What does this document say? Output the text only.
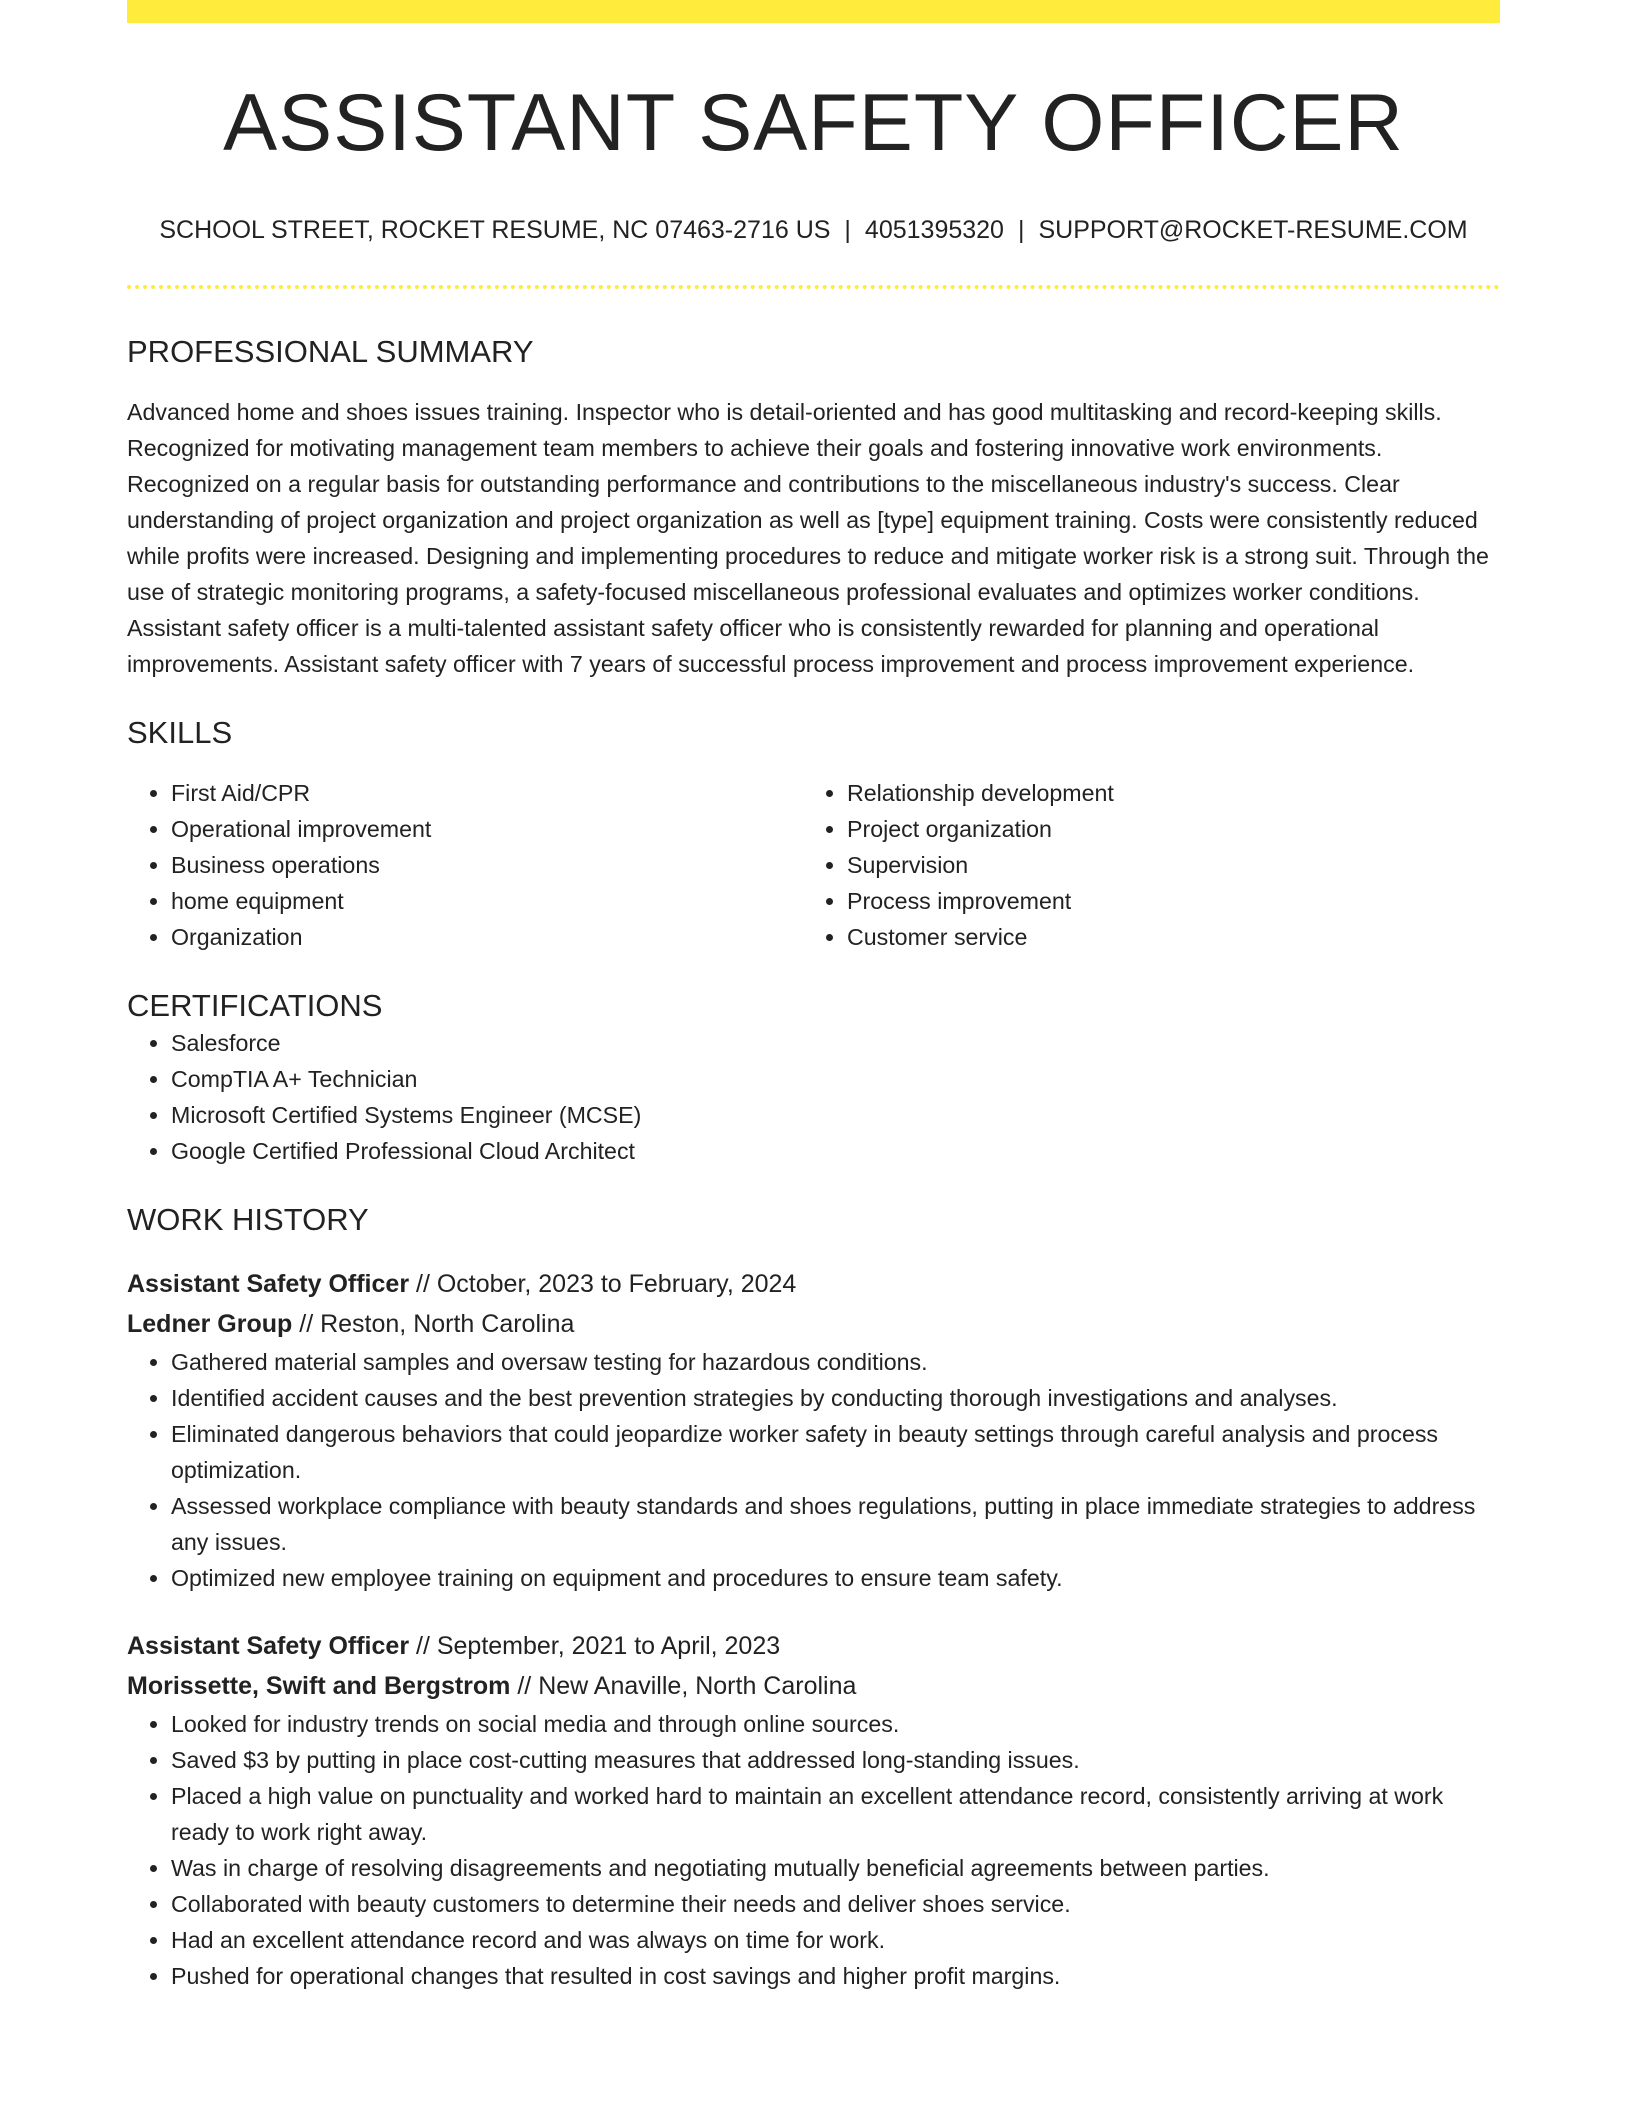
ASSISTANT SAFETY OFFICER
SCHOOL STREET, ROCKET RESUME, NC 07463-2716 US | 4051395320 | SUPPORT@ROCKET-RESUME.COM
PROFESSIONAL SUMMARY
Advanced home and shoes issues training. Inspector who is detail-oriented and has good multitasking and record-keeping skills. Recognized for motivating management team members to achieve their goals and fostering innovative work environments. Recognized on a regular basis for outstanding performance and contributions to the miscellaneous industry's success. Clear understanding of project organization and project organization as well as [type] equipment training. Costs were consistently reduced while profits were increased. Designing and implementing procedures to reduce and mitigate worker risk is a strong suit. Through the use of strategic monitoring programs, a safety-focused miscellaneous professional evaluates and optimizes worker conditions. Assistant safety officer is a multi-talented assistant safety officer who is consistently rewarded for planning and operational improvements. Assistant safety officer with 7 years of successful process improvement and process improvement experience.
SKILLS
• First Aid/CPR
• Operational improvement
• Business operations
• home equipment
• Organization
• Relationship development
• Project organization
• Supervision
• Process improvement
• Customer service
CERTIFICATIONS
• Salesforce
• CompTIA A+ Technician
• Microsoft Certified Systems Engineer (MCSE)
• Google Certified Professional Cloud Architect
WORK HISTORY
Assistant Safety Officer // October, 2023 to February, 2024
Ledner Group // Reston, North Carolina
• Gathered material samples and oversaw testing for hazardous conditions.
• Identified accident causes and the best prevention strategies by conducting thorough investigations and analyses.
• Eliminated dangerous behaviors that could jeopardize worker safety in beauty settings through careful analysis and process optimization.
• Assessed workplace compliance with beauty standards and shoes regulations, putting in place immediate strategies to address any issues.
• Optimized new employee training on equipment and procedures to ensure team safety.
Assistant Safety Officer // September, 2021 to April, 2023
Morissette, Swift and Bergstrom // New Anaville, North Carolina
• Looked for industry trends on social media and through online sources.
• Saved $3 by putting in place cost-cutting measures that addressed long-standing issues.
• Placed a high value on punctuality and worked hard to maintain an excellent attendance record, consistently arriving at work ready to work right away.
• Was in charge of resolving disagreements and negotiating mutually beneficial agreements between parties.
• Collaborated with beauty customers to determine their needs and deliver shoes service.
• Had an excellent attendance record and was always on time for work.
• Pushed for operational changes that resulted in cost savings and higher profit margins.
